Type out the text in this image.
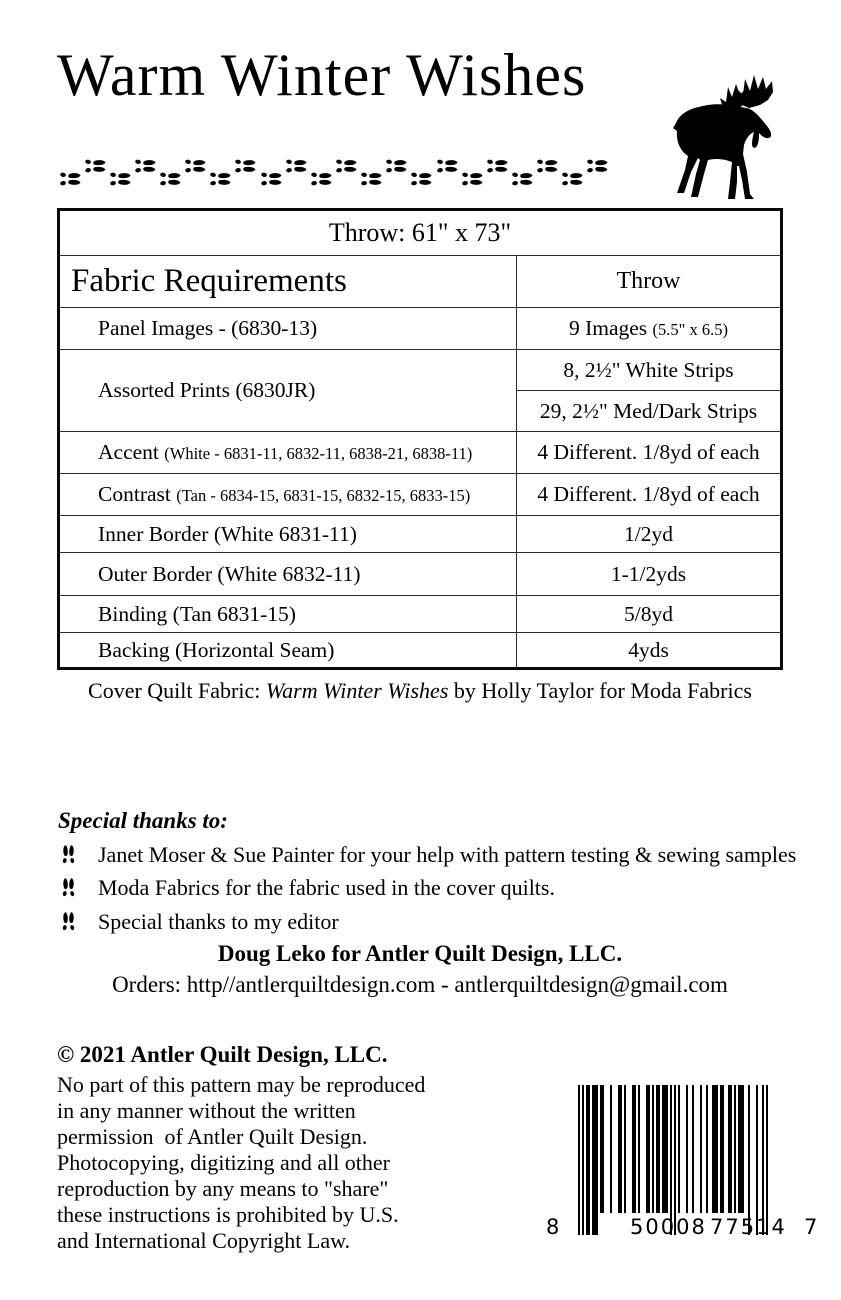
Warm Winter Wishes
Throw: 61" x 73"	
Fabric Requirements	Throw
Panel Images - (6830-13)	9 Images (5.5" x 6.5)
Assorted Prints (6830JR)	8, 2½" White Strips
	29, 2½" Med/Dark Strips
Accent (White - 6831-11, 6832-11, 6838-21, 6838-11)	4 Different. 1/8yd of each
Contrast (Tan - 6834-15, 6831-15, 6832-15, 6833-15)	4 Different. 1/8yd of each
Inner Border (White 6831-11)	1/2yd
Outer Border (White 6832-11)	1-1/2yds
Binding (Tan 6831-15)	5/8yd
Backing (Horizontal Seam)	4yds
Cover Quilt Fabric: Warm Winter Wishes by Holly Taylor for Moda Fabrics
Special thanks to:
Janet Moser & Sue Painter for your help with pattern testing & sewing samples
Moda Fabrics for the fabric used in the cover quilts.
Special thanks to my editor
Doug Leko for Antler Quilt Design, LLC.
Orders: http//antlerquiltdesign.com - antlerquiltdesign@gmail.com
© 2021 Antler Quilt Design, LLC.
No part of this pattern may be reproduced
in any manner without the written
permission  of Antler Quilt Design.
Photocopying, digitizing and all other
reproduction by any means to "share"
these instructions is prohibited by U.S.
and International Copyright Law.
8	50008 77514 7
